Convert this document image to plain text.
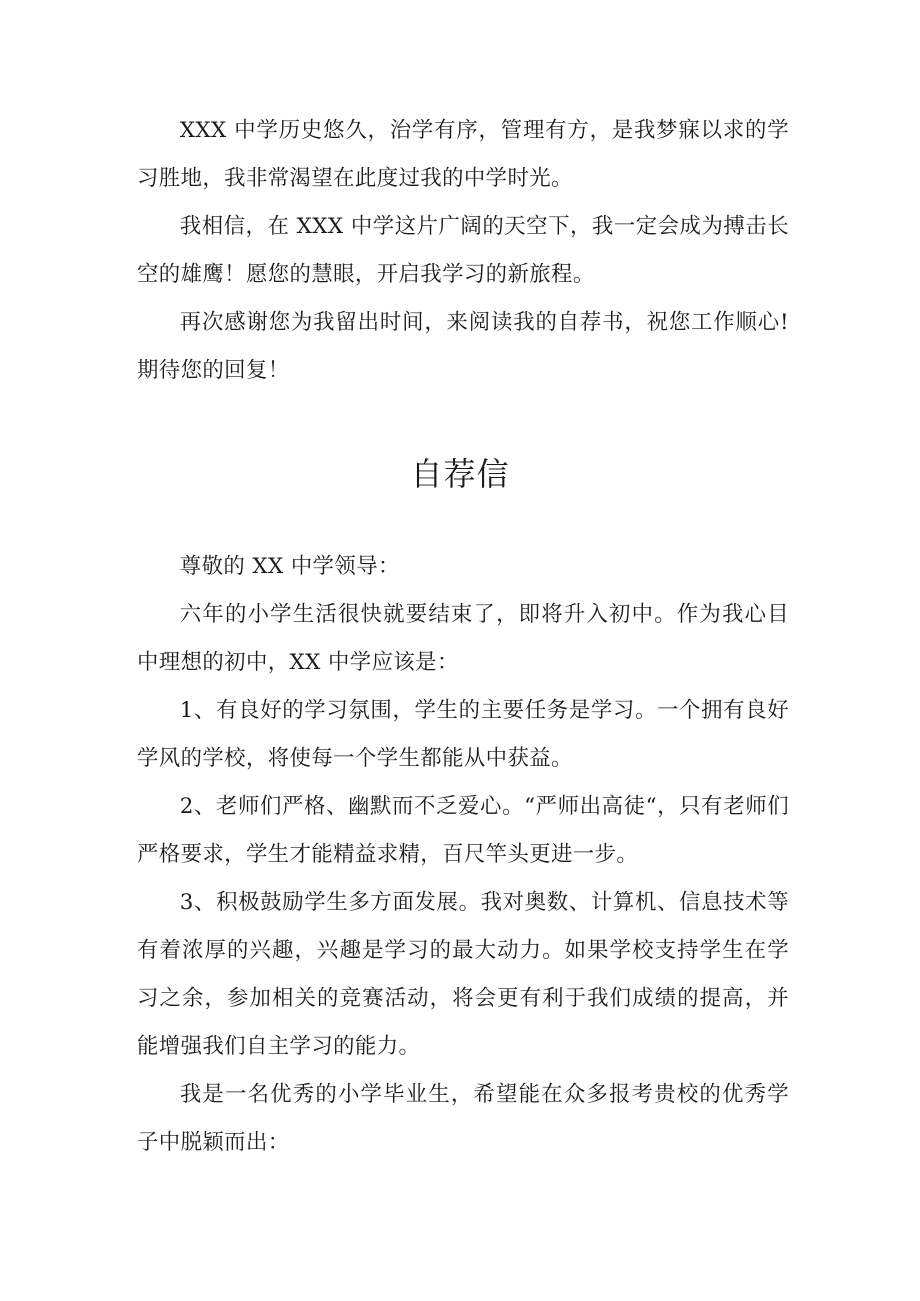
XXX 中学历史悠久，治学有序，管理有方，是我梦寐以求的学习胜地，我非常渴望在此度过我的中学时光。

我相信，在 XXX 中学这片广阔的天空下，我一定会成为搏击长空的雄鹰！愿您的慧眼，开启我学习的新旅程。

再次感谢您为我留出时间，来阅读我的自荐书，祝您工作顺心!期待您的回复！

自荐信

尊敬的 XX 中学领导：

六年的小学生活很快就要结束了，即将升入初中。作为我心目中理想的初中，XX 中学应该是：

1、有良好的学习氛围，学生的主要任务是学习。一个拥有良好学风的学校，将使每一个学生都能从中获益。

2、老师们严格、幽默而不乏爱心。“严师出高徒“，只有老师们严格要求，学生才能精益求精，百尺竿头更进一步。

3、积极鼓励学生多方面发展。我对奥数、计算机、信息技术等有着浓厚的兴趣，兴趣是学习的最大动力。如果学校支持学生在学习之余，参加相关的竞赛活动，将会更有利于我们成绩的提高，并能增强我们自主学习的能力。

我是一名优秀的小学毕业生，希望能在众多报考贵校的优秀学子中脱颖而出：
